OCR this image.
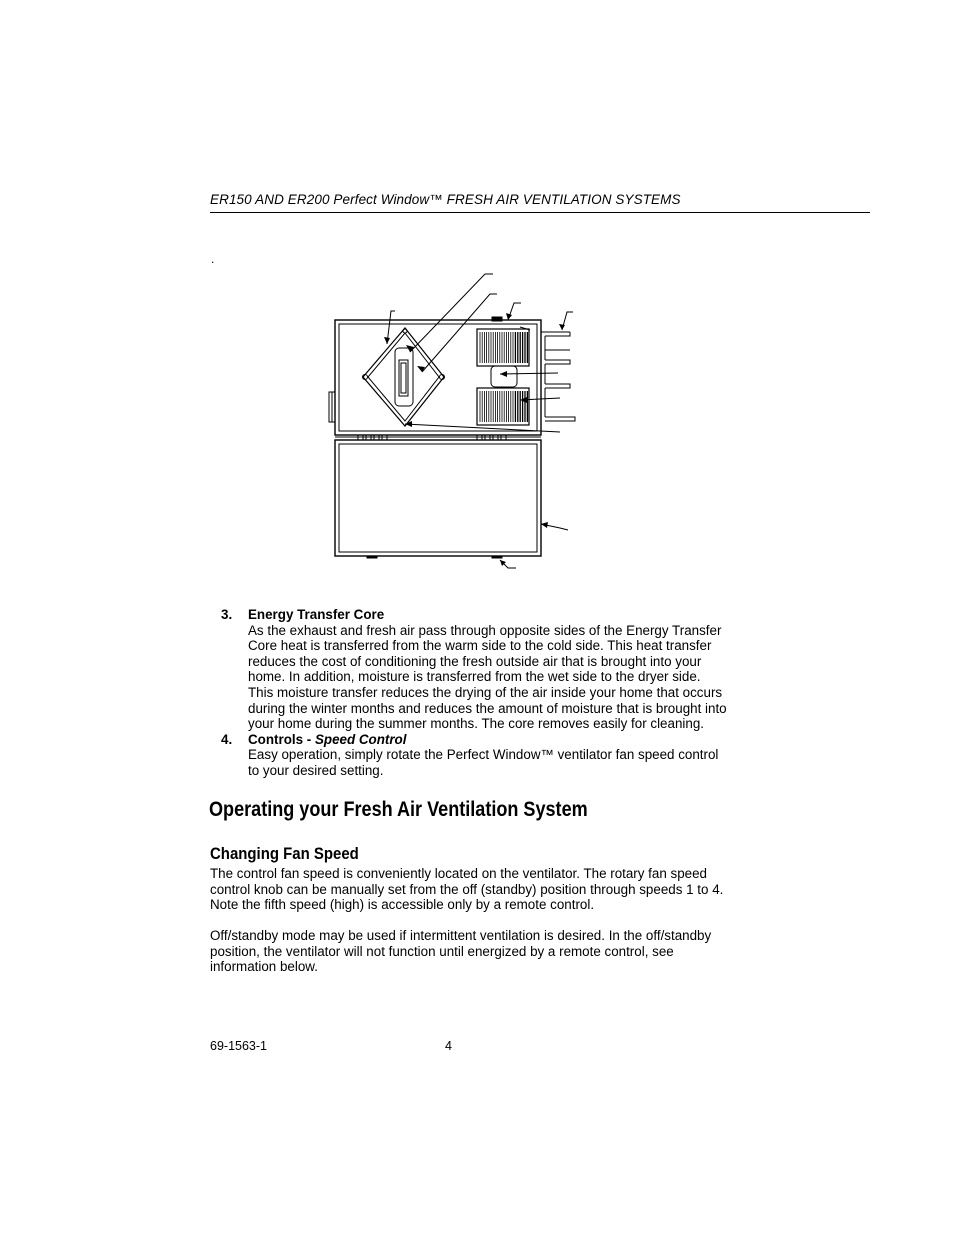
ER150 AND ER200 Perfect Window™ FRESH AIR VENTILATION SYSTEMS
.
3. Energy Transfer Core
As the exhaust and fresh air pass through opposite sides of the Energy Transfer
Core heat is transferred from the warm side to the cold side. This heat transfer
reduces the cost of conditioning the fresh outside air that is brought into your
home. In addition, moisture is transferred from the wet side to the dryer side.
This moisture transfer reduces the drying of the air inside your home that occurs
during the winter months and reduces the amount of moisture that is brought into
your home during the summer months. The core removes easily for cleaning.
4. Controls - Speed Control
Easy operation, simply rotate the Perfect Window™ ventilator fan speed control
to your desired setting.
Operating your Fresh Air Ventilation System
Changing Fan Speed
The control fan speed is conveniently located on the ventilator. The rotary fan speed
control knob can be manually set from the off (standby) position through speeds 1 to 4.
Note the fifth speed (high) is accessible only by a remote control.
Off/standby mode may be used if intermittent ventilation is desired. In the off/standby
position, the ventilator will not function until energized by a remote control, see
information below.
69-1563-1	4
